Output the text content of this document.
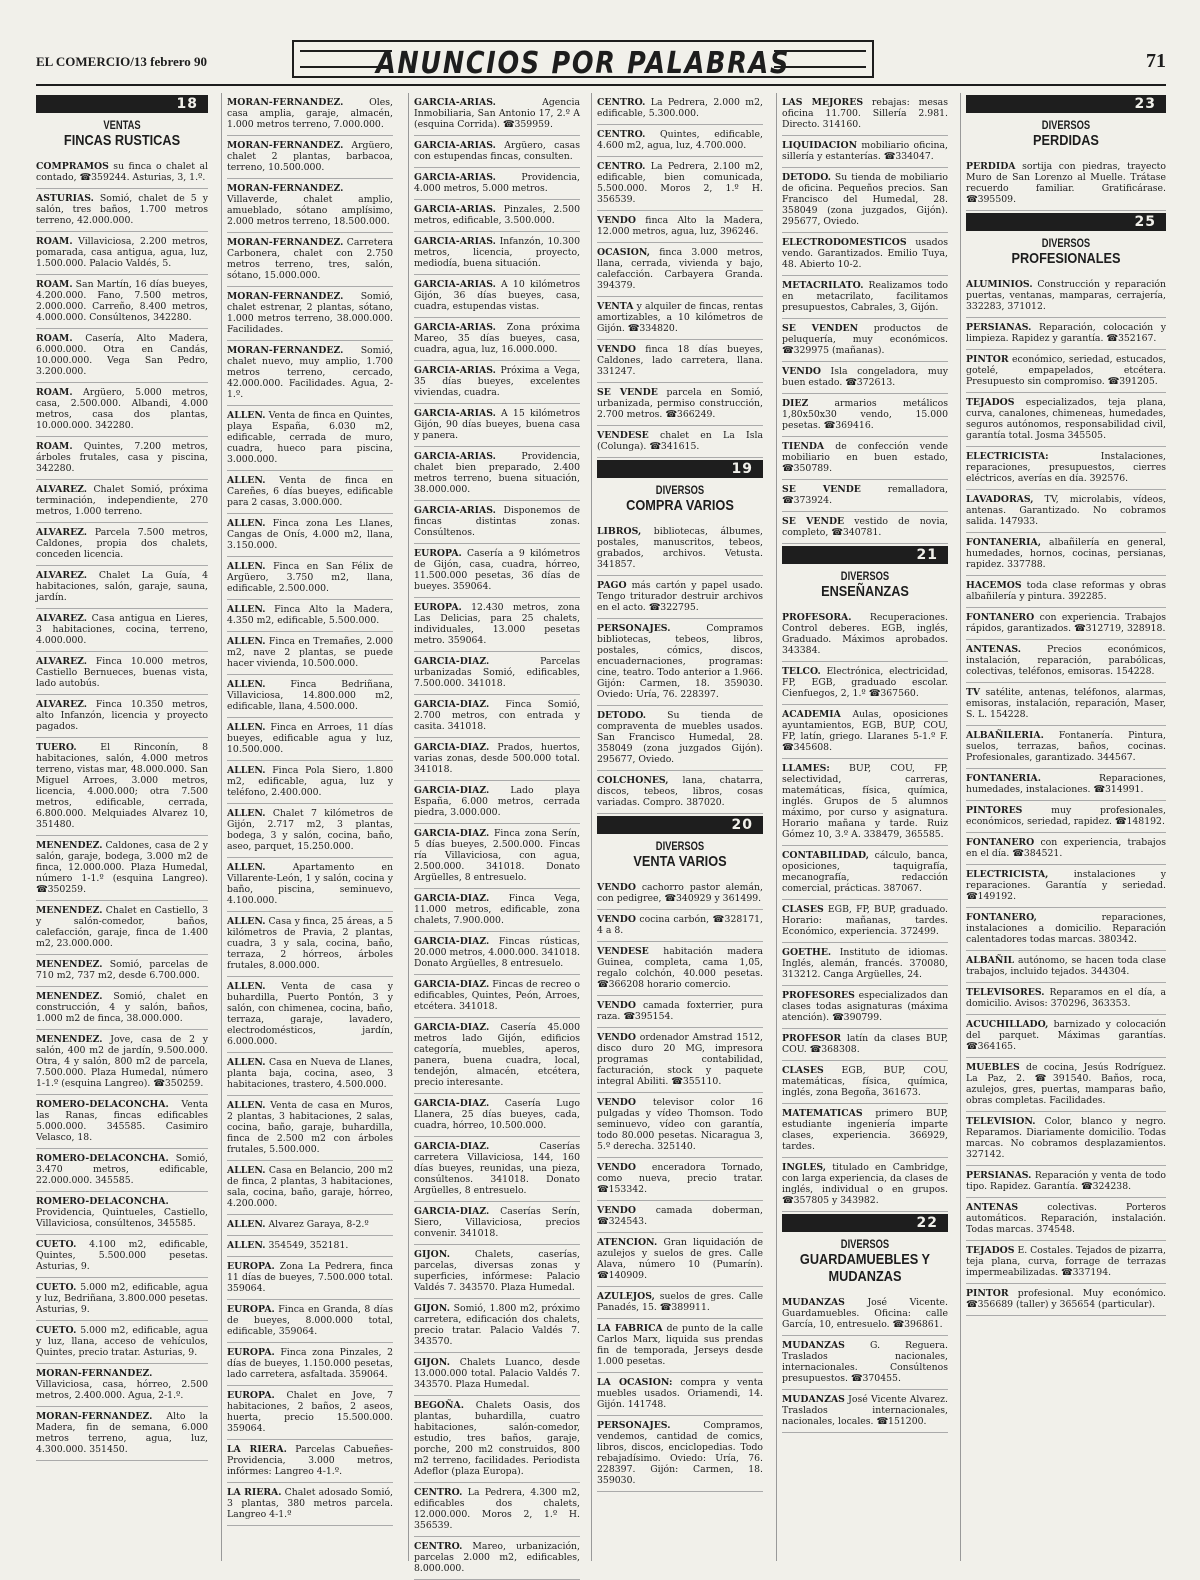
EL COMERCIO/13 febrero 90	ANUNCIOS POR PALABRAS	71
18
VENTAS
FINCAS RUSTICAS
COMPRAMOS su finca o chalet al contado, ☎359244. Asturias, 3, 1.º.
ASTURIAS. Somió, chalet de 5 y salón, tres baños, 1.700 metros terreno, 42.000.000.
ROAM. Villaviciosa, 2.200 metros, pomarada, casa antigua, agua, luz, 1.500.000. Palacio Valdés, 5.
ROAM. San Martín, 16 días bueyes, 4.200.000. Fano, 7.500 metros, 2.000.000. Carreño, 8.400 metros, 4.000.000. Consúltenos, 342280.
ROAM. Casería, Alto Madera, 6.000.000. Otra en Candás, 10.000.000. Vega San Pedro, 3.200.000.
ROAM. Argüero, 5.000 metros, casa, 2.500.000. Albandi, 4.000 metros, casa dos plantas, 10.000.000. 342280.
ROAM. Quintes, 7.200 metros, árboles frutales, casa y piscina, 342280.
ALVAREZ. Chalet Somió, próxima terminación, independiente, 270 metros, 1.000 terreno.
ALVAREZ. Parcela 7.500 metros, Caldones, propia dos chalets, conceden licencia.
ALVAREZ. Chalet La Guía, 4 habitaciones, salón, garaje, sauna, jardín.
ALVAREZ. Casa antigua en Lieres, 3 habitaciones, cocina, terreno, 4.000.000.
ALVAREZ. Finca 10.000 metros, Castiello Bernueces, buenas vista, lado autobús.
ALVAREZ. Finca 10.350 metros, alto Infanzón, licencia y proyecto pagados.
TUERO. El Rinconín, 8 habitaciones, salón, 4.000 metros terreno, vistas mar, 48.000.000. San Miguel Arroes, 3.000 metros, licencia, 4.000.000; otra 7.500 metros, edificable, cerrada, 6.800.000. Melquiades Alvarez 10, 351480.
MENENDEZ. Caldones, casa de 2 y salón, garaje, bodega, 3.000 m2 de finca, 12.000.000. Plaza Humedal, número 1-1.º (esquina Langreo). ☎350259.
MENENDEZ. Chalet en Castiello, 3 y salón-comedor, baños, calefacción, garaje, finca de 1.400 m2, 23.000.000.
MENENDEZ. Somió, parcelas de 710 m2, 737 m2, desde 6.700.000.
MENENDEZ. Somió, chalet en construcción, 4 y salón, baños, 1.000 m2 de finca, 38.000.000.
MENENDEZ. Jove, casa de 2 y salón, 400 m2 de jardín, 9.500.000. Otra, 4 y salón, 800 m2 de parcela, 7.500.000. Plaza Humedal, número 1-1.º (esquina Langreo). ☎350259.
ROMERO-DELACONCHA. Venta las Ranas, fincas edificables 5.000.000. 345585. Casimiro Velasco, 18.
ROMERO-DELACONCHA. Somió, 3.470 metros, edificable, 22.000.000. 345585.
ROMERO-DELACONCHA. Providencia, Quintueles, Castiello, Villaviciosa, consúltenos, 345585.
CUETO. 4.100 m2, edificable, Quintes, 5.500.000 pesetas. Asturias, 9.
CUETO. 5.000 m2, edificable, agua y luz, Bedriñana, 3.800.000 pesetas. Asturias, 9.
CUETO. 5.000 m2, edificable, agua y luz, llana, acceso de vehículos, Quintes, precio tratar. Asturias, 9.
MORAN-FERNANDEZ. Villaviciosa, casa, hórreo, 2.500 metros, 2.400.000. Agua, 2-1.º.
MORAN-FERNANDEZ. Alto la Madera, fin de semana, 6.000 metros terreno, agua, luz, 4.300.000. 351450.
MORAN-FERNANDEZ. Oles, casa amplia, garaje, almacén, 1.000 metros terreno, 7.000.000.
MORAN-FERNANDEZ. Argüero, chalet 2 plantas, barbacoa, terreno, 10.500.000.
MORAN-FERNANDEZ. Villaverde, chalet amplio, amueblado, sótano amplísimo, 2.000 metros terreno, 18.500.000.
MORAN-FERNANDEZ. Carretera Carbonera, chalet con 2.750 metros terreno, tres, salón, sótano, 15.000.000.
MORAN-FERNANDEZ. Somió, chalet estrenar, 2 plantas, sótano, 1.000 metros terreno, 38.000.000. Facilidades.
MORAN-FERNANDEZ. Somió, chalet nuevo, muy amplio, 1.700 metros terreno, cercado, 42.000.000. Facilidades. Agua, 2-1.º.
ALLEN. Venta de finca en Quintes, playa España, 6.030 m2, edificable, cerrada de muro, cuadra, hueco para piscina, 3.000.000.
ALLEN. Venta de finca en Careñes, 6 días bueyes, edificable para 2 casas, 3.000.000.
ALLEN. Finca zona Les Llanes, Cangas de Onís, 4.000 m2, llana, 3.150.000.
ALLEN. Finca en San Félix de Argüero, 3.750 m2, llana, edificable, 2.500.000.
ALLEN. Finca Alto la Madera, 4.350 m2, edificable, 5.500.000.
ALLEN. Finca en Tremañes, 2.000 m2, nave 2 plantas, se puede hacer vivienda, 10.500.000.
ALLEN. Finca Bedriñana, Villaviciosa, 14.800.000 m2, edificable, llana, 4.500.000.
ALLEN. Finca en Arroes, 11 días bueyes, edificable agua y luz, 10.500.000.
ALLEN. Finca Pola Siero, 1.800 m2, edificable, agua, luz y teléfono, 2.400.000.
ALLEN. Chalet 7 kilómetros de Gijón, 2.717 m2, 3 plantas, bodega, 3 y salón, cocina, baño, aseo, parquet, 15.250.000.
ALLEN. Apartamento en Villarente-León, 1 y salón, cocina y baño, piscina, seminuevo, 4.100.000.
ALLEN. Casa y finca, 25 áreas, a 5 kilómetros de Pravia, 2 plantas, cuadra, 3 y sala, cocina, baño, terraza, 2 hórreos, árboles frutales, 8.000.000.
ALLEN. Venta de casa y buhardilla, Puerto Pontón, 3 y salón, con chimenea, cocina, baño, terraza, garaje, lavadero, electrodomésticos, jardín, 6.000.000.
ALLEN. Casa en Nueva de Llanes, planta baja, cocina, aseo, 3 habitaciones, trastero, 4.500.000.
ALLEN. Venta de casa en Muros, 2 plantas, 3 habitaciones, 2 salas, cocina, baño, garaje, buhardilla, finca de 2.500 m2 con árboles frutales, 5.500.000.
ALLEN. Casa en Belancio, 200 m2 de finca, 2 plantas, 3 habitaciones, sala, cocina, baño, garaje, hórreo, 4.200.000.
ALLEN. Alvarez Garaya, 8-2.º
ALLEN. 354549, 352181.
EUROPA. Zona La Pedrera, finca 11 días de bueyes, 7.500.000 total. 359064.
EUROPA. Finca en Granda, 8 días de bueyes, 8.000.000 total, edificable, 359064.
EUROPA. Finca zona Pinzales, 2 días de bueyes, 1.150.000 pesetas, lado carretera, asfaltada. 359064.
EUROPA. Chalet en Jove, 7 habitaciones, 2 baños, 2 aseos, huerta, precio 15.500.000. 359064.
LA RIERA. Parcelas Cabueñes-Providencia, 3.000 metros, infórmes: Langreo 4-1.º.
LA RIERA. Chalet adosado Somió, 3 plantas, 380 metros parcela. Langreo 4-1.º
GARCIA-ARIAS. Agencia Inmobiliaria, San Antonio 17, 2.º A (esquina Corrida). ☎359959.
GARCIA-ARIAS. Argüero, casas con estupendas fincas, consulten.
GARCIA-ARIAS. Providencia, 4.000 metros, 5.000 metros.
GARCIA-ARIAS. Pinzales, 2.500 metros, edificable, 3.500.000.
GARCIA-ARIAS. Infanzón, 10.300 metros, licencia, proyecto, mediodía, buena situación.
GARCIA-ARIAS. A 10 kilómetros Gijón, 36 días bueyes, casa, cuadra, estupendas vistas.
GARCIA-ARIAS. Zona próxima Mareo, 35 días bueyes, casa, cuadra, agua, luz, 16.000.000.
GARCIA-ARIAS. Próxima a Vega, 35 días bueyes, excelentes viviendas, cuadra.
GARCIA-ARIAS. A 15 kilómetros Gijón, 90 días bueyes, buena casa y panera.
GARCIA-ARIAS. Providencia, chalet bien preparado, 2.400 metros terreno, buena situación, 38.000.000.
GARCIA-ARIAS. Disponemos de fincas distintas zonas. Consúltenos.
EUROPA. Casería a 9 kilómetros de Gijón, casa, cuadra, hórreo, 11.500.000 pesetas, 36 días de bueyes. 359064.
EUROPA. 12.430 metros, zona Las Delicias, para 25 chalets, individuales, 13.000 pesetas metro. 359064.
GARCIA-DIAZ. Parcelas urbanizadas Somió, edificables, 7.500.000. 341018.
GARCIA-DIAZ. Finca Somió, 2.700 metros, con entrada y casita. 341018.
GARCIA-DIAZ. Prados, huertos, varias zonas, desde 500.000 total. 341018.
GARCIA-DIAZ. Lado playa España, 6.000 metros, cerrada piedra, 3.000.000.
GARCIA-DIAZ. Finca zona Serín, 5 días bueyes, 2.500.000. Fincas ría Villaviciosa, con agua, 2.500.000. 341018. Donato Argüelles, 8 entresuelo.
GARCIA-DIAZ. Finca Vega, 11.000 metros, edificable, zona chalets, 7.900.000.
GARCIA-DIAZ. Fincas rústicas, 20.000 metros, 4.000.000. 341018. Donato Argüelles, 8 entresuelo.
GARCIA-DIAZ. Fincas de recreo o edificables, Quintes, Peón, Arroes, etcétera. 341018.
GARCIA-DIAZ. Casería 45.000 metros lado Gijón, edificios categoría, muebles, aperos, panera, buena cuadra, local, tendejón, almacén, etcétera, precio interesante.
GARCIA-DIAZ. Casería Lugo Llanera, 25 días bueyes, cada, cuadra, hórreo, 10.500.000.
GARCIA-DIAZ. Caserías carretera Villaviciosa, 144, 160 días bueyes, reunidas, una pieza, consúltenos. 341018. Donato Argüelles, 8 entresuelo.
GARCIA-DIAZ. Caserías Serín, Siero, Villaviciosa, precios convenir. 341018.
GIJON. Chalets, caserías, parcelas, diversas zonas y superficies, infórmese: Palacio Valdés 7. 343570. Plaza Humedal.
GIJON. Somió, 1.800 m2, próximo carretera, edificación dos chalets, precio tratar. Palacio Valdés 7. 343570.
GIJON. Chalets Luanco, desde 13.000.000 total. Palacio Valdés 7. 343570. Plaza Humedal.
BEGOÑA. Chalets Oasis, dos plantas, buhardilla, cuatro habitaciones, salón-comedor, estudio, tres baños, garaje, porche, 200 m2 construidos, 800 m2 terreno, facilidades. Periodista Adeflor (plaza Europa).
CENTRO. La Pedrera, 4.300 m2, edificables dos chalets, 12.000.000. Moros 2, 1.º H. 356539.
CENTRO. Mareo, urbanización, parcelas 2.000 m2, edificables, 8.000.000.
CENTRO. La Pedrera, 2.000 m2, edificable, 5.300.000.
CENTRO. Quintes, edificable, 4.600 m2, agua, luz, 4.700.000.
CENTRO. La Pedrera, 2.100 m2, edificable, bien comunicada, 5.500.000. Moros 2, 1.º H. 356539.
VENDO finca Alto la Madera, 12.000 metros, agua, luz, 396246.
OCASION, finca 3.000 metros, llana, cerrada, vivienda y bajo, calefacción. Carbayera Granda. 394379.
VENTA y alquiler de fincas, rentas amortizables, a 10 kilómetros de Gijón. ☎334820.
VENDO finca 18 días bueyes, Caldones, lado carretera, llana. 331247.
SE VENDE parcela en Somió, urbanizada, permiso construcción, 2.700 metros. ☎366249.
VENDESE chalet en La Isla (Colunga). ☎341615.
19
DIVERSOS
COMPRA VARIOS
LIBROS, bibliotecas, álbumes, postales, manuscritos, tebeos, grabados, archivos. Vetusta. 341857.
PAGO más cartón y papel usado. Tengo triturador destruir archivos en el acto. ☎322795.
PERSONAJES. Compramos bibliotecas, tebeos, libros, postales, cómics, discos, encuadernaciones, programas: cine, teatro. Todo anterior a 1.966. Gijón: Carmen, 18. 359030. Oviedo: Uría, 76. 228397.
DETODO. Su tienda de compraventa de muebles usados. San Francisco Humedal, 28. 358049 (zona juzgados Gijón). 295677, Oviedo.
COLCHONES, lana, chatarra, discos, tebeos, libros, cosas variadas. Compro. 387020.
20
DIVERSOS
VENTA VARIOS
VENDO cachorro pastor alemán, con pedigree, ☎340929 y 361499.
VENDO cocina carbón, ☎328171, 4 a 8.
VENDESE habitación madera Guinea, completa, cama 1,05, regalo colchón, 40.000 pesetas. ☎366208 horario comercio.
VENDO camada foxterrier, pura raza. ☎395154.
VENDO ordenador Amstrad 1512, disco duro 20 MG, impresora programas contabilidad, facturación, stock y paquete integral Abiliti. ☎355110.
VENDO televisor color 16 pulgadas y vídeo Thomson. Todo seminuevo, vídeo con garantía, todo 80.000 pesetas. Nicaragua 3, 5.º derecha. 325140.
VENDO enceradora Tornado, como nueva, precio tratar. ☎153342.
VENDO camada doberman, ☎324543.
ATENCION. Gran liquidación de azulejos y suelos de gres. Calle Alava, número 10 (Pumarín). ☎140909.
AZULEJOS, suelos de gres. Calle Panadés, 15. ☎389911.
LA FABRICA de punto de la calle Carlos Marx, liquida sus prendas fin de temporada, Jerseys desde 1.000 pesetas.
LA OCASION: compra y venta muebles usados. Oriamendi, 14. Gijón. 141748.
PERSONAJES. Compramos, vendemos, cantidad de comics, libros, discos, enciclopedias. Todo rebajadísimo. Oviedo: Uría, 76. 228397. Gijón: Carmen, 18. 359030.
LAS MEJORES rebajas: mesas oficina 11.700. Sillería 2.981. Directo. 314160.
LIQUIDACION mobiliario oficina, sillería y estanterías. ☎334047.
DETODO. Su tienda de mobiliario de oficina. Pequeños precios. San Francisco del Humedal, 28. 358049 (zona juzgados, Gijón). 295677, Oviedo.
ELECTRODOMESTICOS usados vendo. Garantizados. Emilio Tuya, 48. Abierto 10-2.
METACRILATO. Realizamos todo en metacrilato, facilitamos presupuestos, Cabrales, 3, Gijón.
SE VENDEN productos de peluquería, muy económicos. ☎329975 (mañanas).
VENDO Isla congeladora, muy buen estado. ☎372613.
DIEZ armarios metálicos 1,80x50x30 vendo, 15.000 pesetas. ☎369416.
TIENDA de confección vende mobiliario en buen estado, ☎350789.
SE VENDE remalladora, ☎373924.
SE VENDE vestido de novia, completo, ☎340781.
21
DIVERSOS
ENSEÑANZAS
PROFESORA. Recuperaciones. Control deberes. EGB, inglés, Graduado. Máximos aprobados. 343384.
TELCO. Electrónica, electricidad, FP, EGB, graduado escolar. Cienfuegos, 2, 1.º ☎367560.
ACADEMIA Aulas, oposiciones ayuntamientos, EGB, BUP, COU, FP, latín, griego. Llaranes 5-1.º F. ☎345608.
LLAMES: BUP, COU, FP, selectividad, carreras, matemáticas, física, química, inglés. Grupos de 5 alumnos máximo, por curso y asignatura. Horario mañana y tarde. Ruiz Gómez 10, 3.º A. 338479, 365585.
CONTABILIDAD, cálculo, banca, oposiciones, taquigrafía, mecanografía, redacción comercial, prácticas. 387067.
CLASES EGB, FP, BUP, graduado. Horario: mañanas, tardes. Económico, experiencia. 372499.
GOETHE. Instituto de idiomas. Inglés, alemán, francés. 370080, 313212. Canga Argüelles, 24.
PROFESORES especializados dan clases todas asignaturas (máxima atención). ☎390799.
PROFESOR latín da clases BUP, COU. ☎368308.
CLASES EGB, BUP, COU, matemáticas, física, química, inglés, zona Begoña, 361673.
MATEMATICAS primero BUP, estudiante ingeniería imparte clases, experiencia. 366929, tardes.
INGLES, titulado en Cambridge, con larga experiencia, da clases de inglés, individual o en grupos. ☎357805 y 343982.
22
DIVERSOS
GUARDAMUEBLES Y MUDANZAS
MUDANZAS José Vicente. Guardamuebles. Oficina: calle García, 10, entresuelo. ☎396861.
MUDANZAS G. Reguera. Traslados nacionales, internacionales. Consúltenos presupuestos. ☎370455.
MUDANZAS José Vicente Alvarez. Traslados internacionales, nacionales, locales. ☎151200.
23
DIVERSOS
PERDIDAS
PERDIDA sortija con piedras, trayecto Muro de San Lorenzo al Muelle. Trátase recuerdo familiar. Gratificárase. ☎395509.
25
DIVERSOS
PROFESIONALES
ALUMINIOS. Construcción y reparación puertas, ventanas, mamparas, cerrajería, 332283, 371012.
PERSIANAS. Reparación, colocación y limpieza. Rapidez y garantía. ☎352167.
PINTOR económico, seriedad, estucados, gotelé, empapelados, etcétera. Presupuesto sin compromiso. ☎391205.
TEJADOS especializados, teja plana, curva, canalones, chimeneas, humedades, seguros autónomos, responsabilidad civil, garantía total. Josma 345505.
ELECTRICISTA: Instalaciones, reparaciones, presupuestos, cierres eléctricos, averías en día. 392576.
LAVADORAS, TV, microlabis, vídeos, antenas. Garantizado. No cobramos salida. 147933.
FONTANERIA, albañilería en general, humedades, hornos, cocinas, persianas, rapidez. 337788.
HACEMOS toda clase reformas y obras albañilería y pintura. 392285.
FONTANERO con experiencia. Trabajos rápidos, garantizados. ☎312719, 328918.
ANTENAS. Precios económicos, instalación, reparación, parabólicas, colectivas, teléfonos, emisoras. 154228.
TV satélite, antenas, teléfonos, alarmas, emisoras, instalación, reparación, Maser, S. L. 154228.
ALBAÑILERIA. Fontanería. Pintura, suelos, terrazas, baños, cocinas. Profesionales, garantizado. 344567.
FONTANERIA. Reparaciones, humedades, instalaciones. ☎314991.
PINTORES muy profesionales, económicos, seriedad, rapidez. ☎148192.
FONTANERO con experiencia, trabajos en el día. ☎384521.
ELECTRICISTA, instalaciones y reparaciones. Garantía y seriedad. ☎149192.
FONTANERO, reparaciones, instalaciones a domicilio. Reparación calentadores todas marcas. 380342.
ALBAÑIL autónomo, se hacen toda clase trabajos, incluido tejados. 344304.
TELEVISORES. Reparamos en el día, a domicilio. Avisos: 370296, 363353.
ACUCHILLADO, barnizado y colocación del parquet. Máximas garantías. ☎364165.
MUEBLES de cocina, Jesús Rodríguez. La Paz, 2. ☎391540. Baños, roca, azulejos, gres, puertas, mamparas baño, obras completas. Facilidades.
TELEVISION. Color, blanco y negro. Reparamos. Diariamente domicilio. Todas marcas. No cobramos desplazamientos. 327142.
PERSIANAS. Reparación y venta de todo tipo. Rapidez. Garantía. ☎324238.
ANTENAS colectivas. Porteros automáticos. Reparación, instalación. Todas marcas. 374548.
TEJADOS E. Costales. Tejados de pizarra, teja plana, curva, forrage de terrazas impermeabilizadas. ☎337194.
PINTOR profesional. Muy económico. ☎356689 (taller) y 365654 (particular).
